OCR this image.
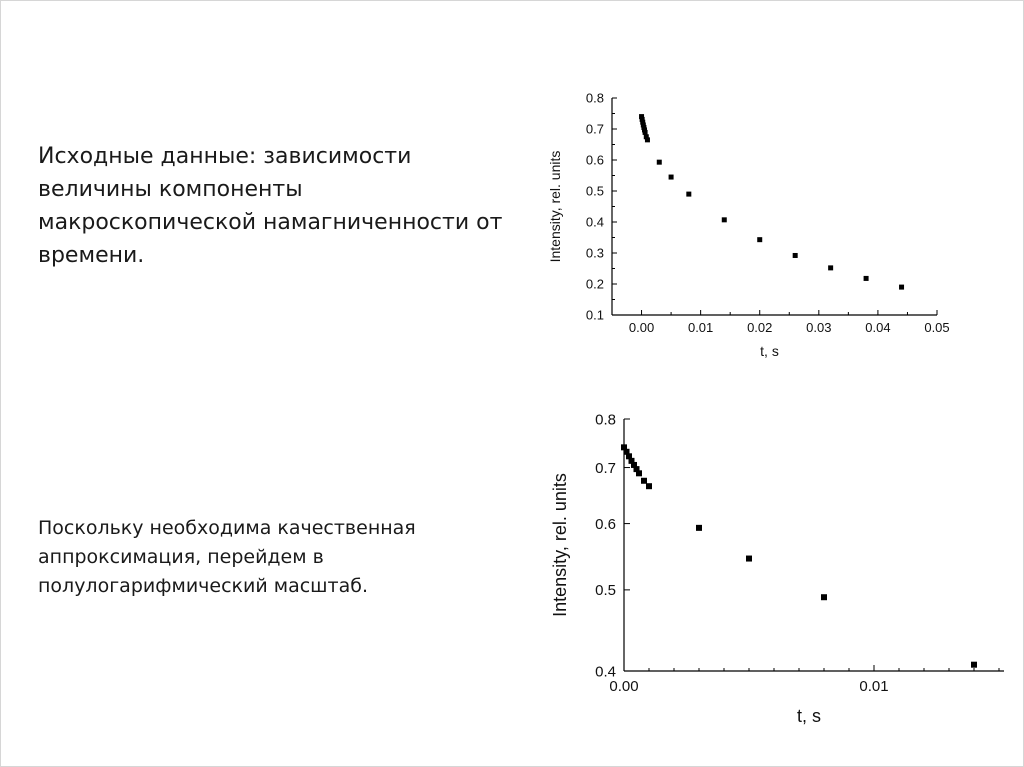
Исходные данные: зависимости
величины компоненты
макроскопической намагниченности от
времени.
Поскольку необходима качественная
аппроксимация, перейдем в
полулогарифмический масштаб.
0.1
0.2
0.3
0.4
0.5
0.6
0.7
0.8
0.00	0.01	0.02	0.03	0.04	0.05
t, s
Intensity, rel. units
0.4
0.5
0.6
0.7
0.8
0.00	0.01
t, s
Intensity, rel. units
